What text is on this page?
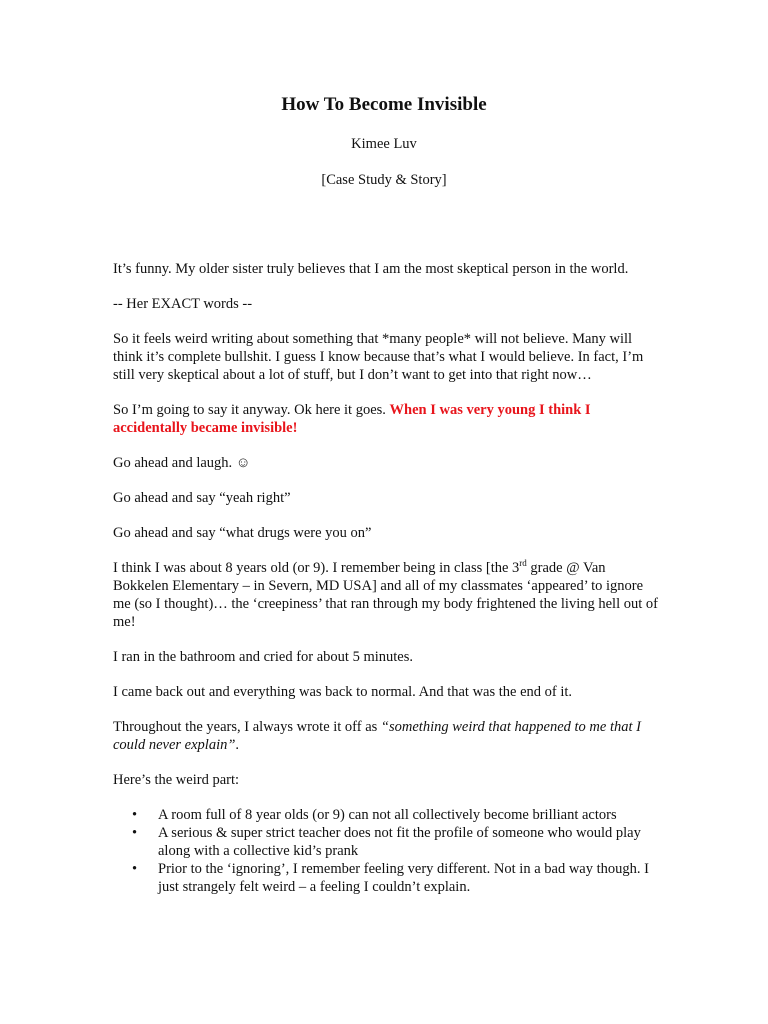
How To Become Invisible
Kimee Luv
[Case Study & Story]

It’s funny. My older sister truly believes that I am the most skeptical person in the world.

-- Her EXACT words --

So it feels weird writing about something that *many people* will not believe. Many will think it’s complete bullshit. I guess I know because that’s what I would believe. In fact, I’m still very skeptical about a lot of stuff, but I don’t want to get into that right now…

So I’m going to say it anyway. Ok here it goes. When I was very young I think I accidentally became invisible!

Go ahead and laugh. ☺

Go ahead and say “yeah right”

Go ahead and say “what drugs were you on”

I think I was about 8 years old (or 9). I remember being in class [the 3rd grade @ Van Bokkelen Elementary – in Severn, MD USA] and all of my classmates ‘appeared’ to ignore me (so I thought)… the ‘creepiness’ that ran through my body frightened the living hell out of me!

I ran in the bathroom and cried for about 5 minutes.

I came back out and everything was back to normal. And that was the end of it.

Throughout the years, I always wrote it off as “something weird that happened to me that I could never explain”.

Here’s the weird part:

• A room full of 8 year olds (or 9) can not all collectively become brilliant actors
• A serious & super strict teacher does not fit the profile of someone who would play along with a collective kid’s prank
• Prior to the ‘ignoring’, I remember feeling very different. Not in a bad way though. I just strangely felt weird – a feeling I couldn’t explain.
